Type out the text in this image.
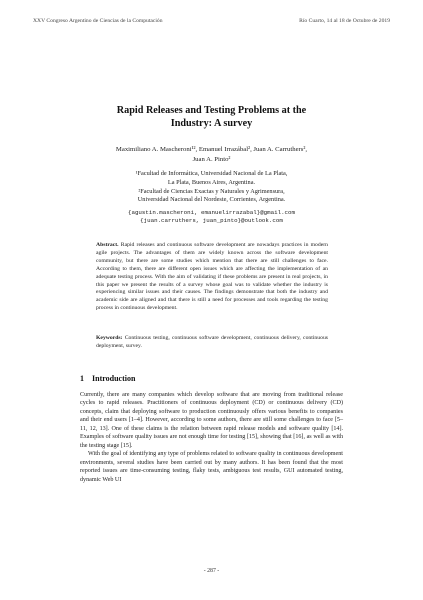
XXV Congreso Argentino de Ciencias de la Computación	Río Cuarto, 14 al 18 de Octubre de 2019
Rapid Releases and Testing Problems at the Industry: A survey
Maximiliano A. Mascheroni¹², Emanuel Irrazábal², Juan A. Carruthers²,
Juan A. Pinto²
¹Facultad de Informática, Universidad Nacional de La Plata,
La Plata, Buenos Aires, Argentina.
²Facultad de Ciencias Exactas y Naturales y Agrimensura,
Universidad Nacional del Nordeste, Corrientes, Argentina.
{agustin.mascheroni, emanuelirrazabal}@gmail.com
{juan.carruthers, juan_pinto}@outlook.com
Abstract. Rapid releases and continuous software development are nowadays practices in modern agile projects. The advantages of them are widely known across the software development community, but there are some studies which mention that there are still challenges to face. According to them, there are different open issues which are affecting the implementation of an adequate testing process. With the aim of validating if these problems are present in real projects, in this paper we present the results of a survey whose goal was to validate whether the industry is experiencing similar issues and their causes. The findings demonstrate that both the industry and academic side are aligned and that there is still a need for processes and tools regarding the testing process in continuous development.
Keywords: Continuous testing, continuous software development, continuous delivery, continuous deployment, survey.
1 Introduction

Currently, there are many companies which develop software that are moving from traditional release cycles to rapid releases. Practitioners of continuous deployment (CD) or continuous delivery (CD) concepts, claim that deploying software to production continuously offers various benefits to companies and their end users [1–4]. However, according to some authors, there are still some challenges to face [5–11, 12, 13]. One of these claims is the relation between rapid release models and software quality [14]. Examples of software quality issues are not enough time for testing [15], showing that [16], as well as with the testing stage [15].

With the goal of identifying any type of problems related to software quality in continuous development environments, several studies have been carried out by many authors. It has been found that the most reported issues are time-consuming testing, flaky tests, ambiguous test results, GUI automated testing, dynamic Web UI

- 287 -
